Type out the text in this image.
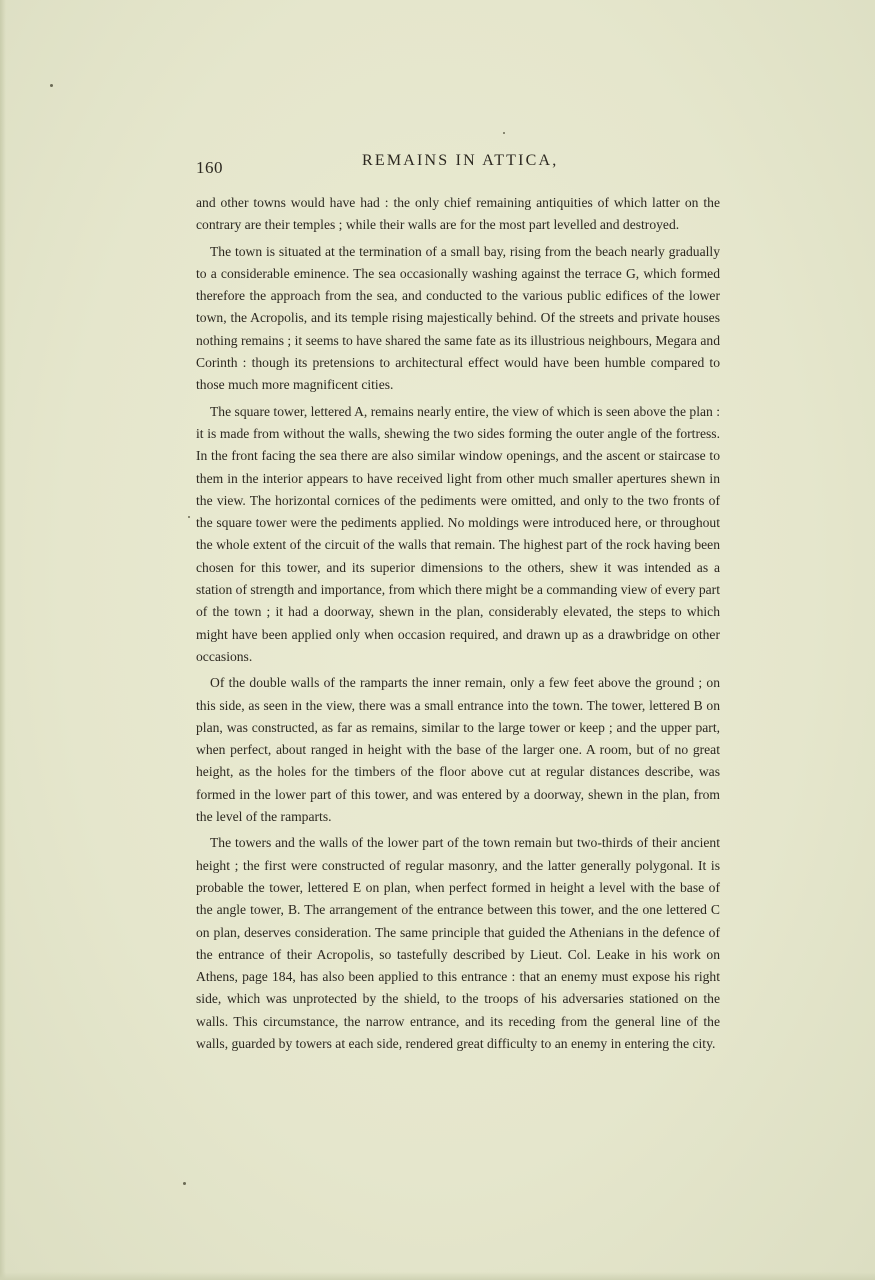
160	REMAINS IN ATTICA,

and other towns would have had : the only chief remaining antiquities of which latter on the contrary are their temples ; while their walls are for the most part levelled and destroyed.

The town is situated at the termination of a small bay, rising from the beach nearly gradually to a considerable eminence. The sea occasionally washing against the terrace G, which formed therefore the approach from the sea, and conducted to the various public edifices of the lower town, the Acropolis, and its temple rising majestically behind. Of the streets and private houses nothing remains ; it seems to have shared the same fate as its illustrious neighbours, Megara and Corinth : though its pretensions to architectural effect would have been humble compared to those much more magnificent cities.

The square tower, lettered A, remains nearly entire, the view of which is seen above the plan : it is made from without the walls, shewing the two sides forming the outer angle of the fortress. In the front facing the sea there are also similar window openings, and the ascent or staircase to them in the interior appears to have received light from other much smaller apertures shewn in the view. The horizontal cornices of the pediments were omitted, and only to the two fronts of the square tower were the pediments applied. No moldings were introduced here, or throughout the whole extent of the circuit of the walls that remain. The highest part of the rock having been chosen for this tower, and its superior dimensions to the others, shew it was intended as a station of strength and importance, from which there might be a commanding view of every part of the town ; it had a doorway, shewn in the plan, considerably elevated, the steps to which might have been applied only when occasion required, and drawn up as a drawbridge on other occasions.

Of the double walls of the ramparts the inner remain, only a few feet above the ground ; on this side, as seen in the view, there was a small entrance into the town. The tower, lettered B on plan, was constructed, as far as remains, similar to the large tower or keep ; and the upper part, when perfect, about ranged in height with the base of the larger one. A room, but of no great height, as the holes for the timbers of the floor above cut at regular distances describe, was formed in the lower part of this tower, and was entered by a doorway, shewn in the plan, from the level of the ramparts.

The towers and the walls of the lower part of the town remain but two-thirds of their ancient height ; the first were constructed of regular masonry, and the latter generally polygonal. It is probable the tower, lettered E on plan, when perfect formed in height a level with the base of the angle tower, B. The arrangement of the entrance between this tower, and the one lettered C on plan, deserves consideration. The same principle that guided the Athenians in the defence of the entrance of their Acropolis, so tastefully described by Lieut. Col. Leake in his work on Athens, page 184, has also been applied to this entrance : that an enemy must expose his right side, which was unprotected by the shield, to the troops of his adversaries stationed on the walls. This circumstance, the narrow entrance, and its receding from the general line of the walls, guarded by towers at each side, rendered great difficulty to an enemy in entering the city.
